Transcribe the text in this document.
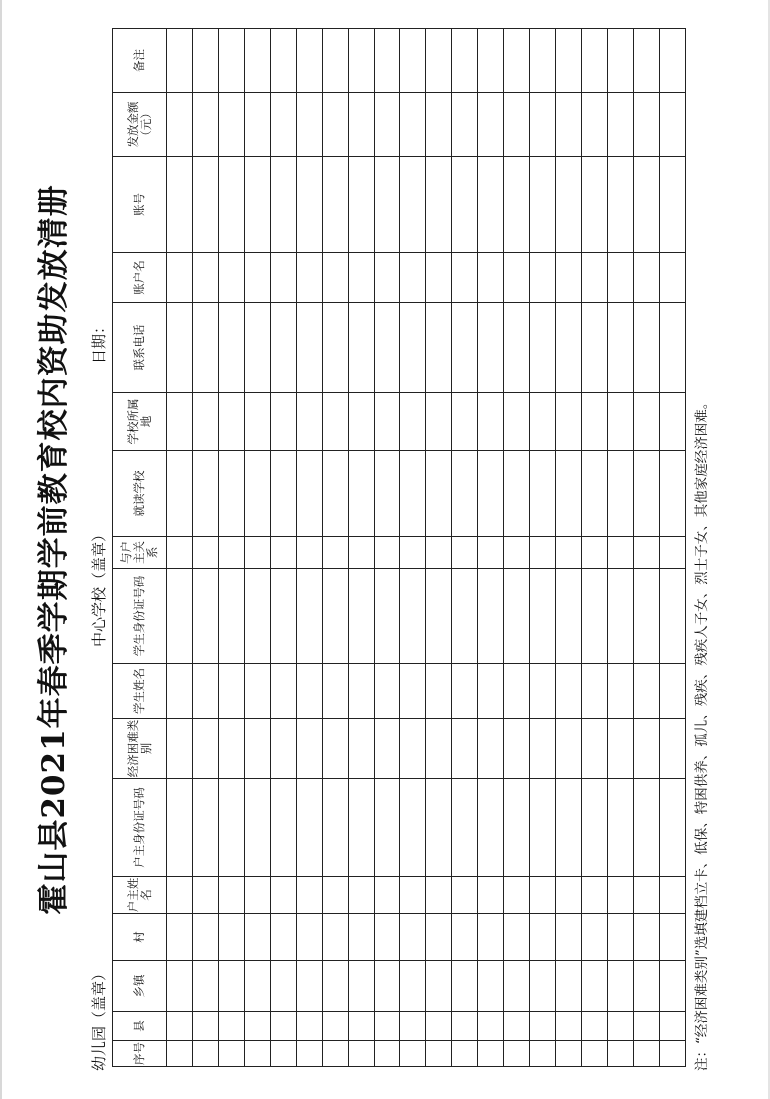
霍山县2021年春季学期学前教育校内资助发放清册
幼儿园（盖章）
中心学校（盖章）
日期：
序号	县	乡镇	村	户主姓名	户主身份证号码	经济困难类别	学生姓名	学生身份证号码	与户主关系	就读学校	学校所属地	联系电话	账户名	账号	发放金额（元）	备注

注：“经济困难类别”选填建档立卡、低保、特困供养、孤儿、残疾、残疾人子女、烈士子女、其他家庭经济困难。
